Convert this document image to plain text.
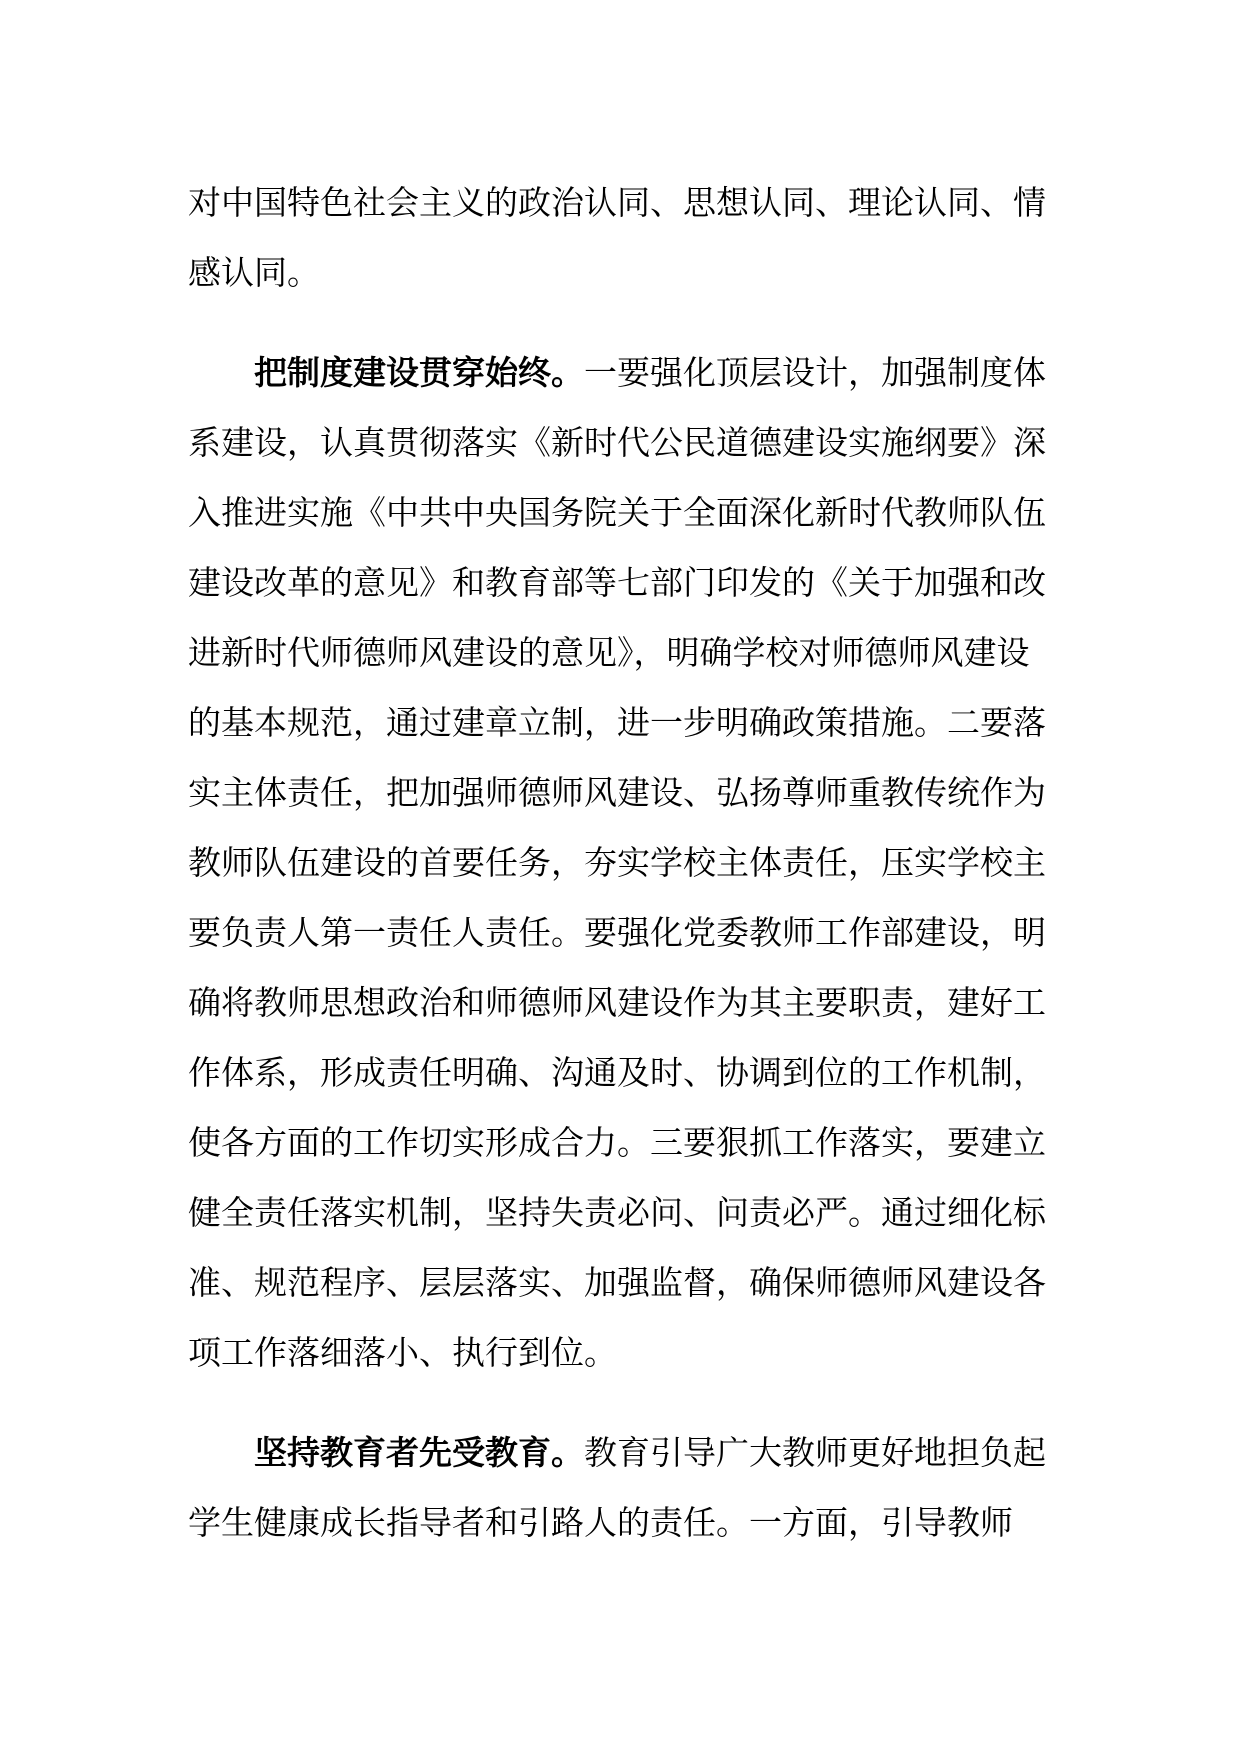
对中国特色社会主义的政治认同、思想认同、理论认同、情感认同。

把制度建设贯穿始终。一要强化顶层设计，加强制度体系建设，认真贯彻落实《新时代公民道德建设实施纲要》深入推进实施《中共中央国务院关于全面深化新时代教师队伍建设改革的意见》和教育部等七部门印发的《关于加强和改进新时代师德师风建设的意见》，明确学校对师德师风建设的基本规范，通过建章立制，进一步明确政策措施。二要落实主体责任，把加强师德师风建设、弘扬尊师重教传统作为教师队伍建设的首要任务，夯实学校主体责任，压实学校主要负责人第一责任人责任。要强化党委教师工作部建设，明确将教师思想政治和师德师风建设作为其主要职责，建好工作体系，形成责任明确、沟通及时、协调到位的工作机制，使各方面的工作切实形成合力。三要狠抓工作落实，要建立健全责任落实机制，坚持失责必问、问责必严。通过细化标准、规范程序、层层落实、加强监督，确保师德师风建设各项工作落细落小、执行到位。

坚持教育者先受教育。教育引导广大教师更好地担负起学生健康成长指导者和引路人的责任。一方面，引导教师
